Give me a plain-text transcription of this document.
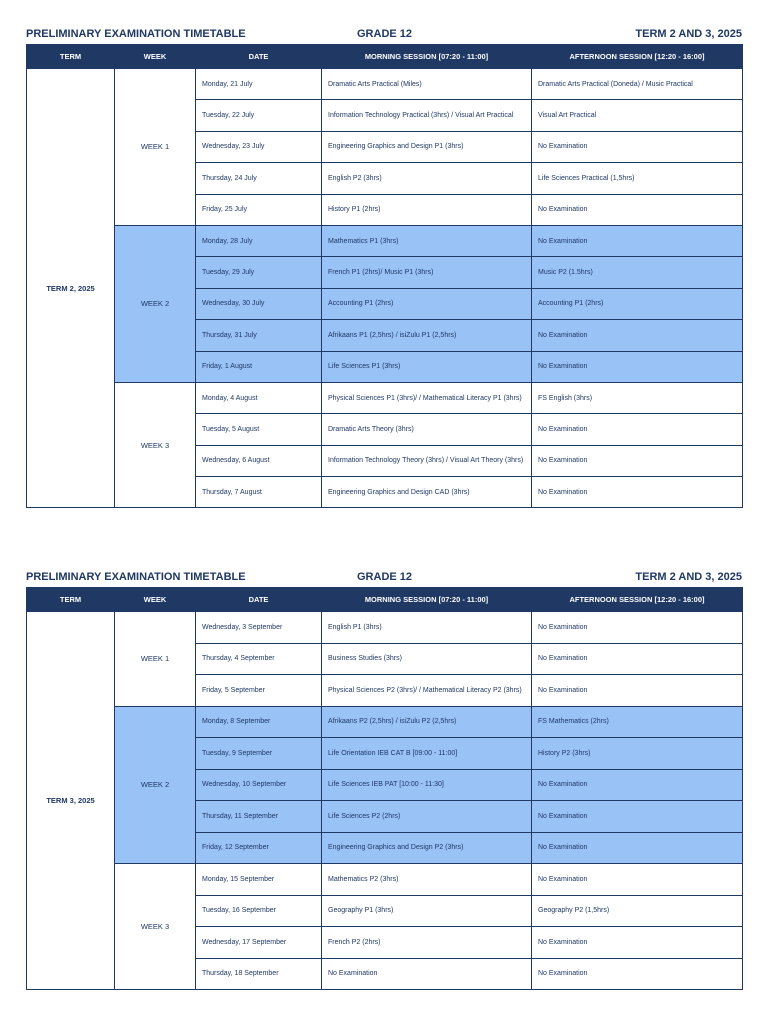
PRELIMINARY EXAMINATION TIMETABLE	GRADE 12	TERM 2 AND 3, 2025
TERM	WEEK	DATE	MORNING SESSION [07:20 - 11:00]	AFTERNOON SESSION [12:20 - 16:00]
TERM 2, 2025	WEEK 1	Monday, 21 July	Dramatic Arts Practical (Miles)	Dramatic Arts Practical (Doneda) / Music Practical
		Tuesday, 22 July	Information Technology Practical (3hrs) / Visual Art Practical	Visual Art Practical
		Wednesday, 23 July	Engineering Graphics and Design P1 (3hrs)	No Examination
		Thursday, 24 July	English P2 (3hrs)	Life Sciences Practical (1,5hrs)
		Friday, 25 July	History P1 (2hrs)	No Examination
	WEEK 2	Monday, 28 July	Mathematics P1 (3hrs)	No Examination
		Tuesday, 29 July	French P1 (2hrs)/ Music P1 (3hrs)	Music P2 (1.5hrs)
		Wednesday, 30 July	Accounting P1 (2hrs)	Accounting P1 (2hrs)
		Thursday, 31 July	Afrikaans P1 (2,5hrs) / isiZulu P1 (2,5hrs)	No Examination
		Friday, 1 August	Life Sciences P1 (3hrs)	No Examination
	WEEK 3	Monday, 4 August	Physical Sciences P1 (3hrs)/ / Mathematical Literacy P1 (3hrs)	FS English (3hrs)
		Tuesday, 5 August	Dramatic Arts Theory (3hrs)	No Examination
		Wednesday, 6 August	Information Technology Theory (3hrs) / Visual Art Theory (3hrs)	No Examination
		Thursday, 7 August	Engineering Graphics and Design CAD (3hrs)	No Examination
PRELIMINARY EXAMINATION TIMETABLE	GRADE 12	TERM 2 AND 3, 2025
TERM	WEEK	DATE	MORNING SESSION [07:20 - 11:00]	AFTERNOON SESSION [12:20 - 16:00]
TERM 3, 2025	WEEK 1	Wednesday, 3 September	English P1 (3hrs)	No Examination
		Thursday, 4 September	Business Studies (3hrs)	No Examination
		Friday, 5 September	Physical Sciences P2 (3hrs)/ / Mathematical Literacy P2 (3hrs)	No Examination
	WEEK 2	Monday, 8 September	Afrikaans P2 (2,5hrs) / isiZulu P2 (2,5hrs)	FS Mathematics (2hrs)
		Tuesday, 9 September	Life Orientation IEB CAT B [09:00 - 11:00]	History P2 (3hrs)
		Wednesday, 10 September	Life Sciences IEB PAT [10:00 - 11:30]	No Examination
		Thursday, 11 September	Life Sciences P2 (2hrs)	No Examination
		Friday, 12 September	Engineering Graphics and Design P2 (3hrs)	No Examination
	WEEK 3	Monday, 15 September	Mathematics P2 (3hrs)	No Examination
		Tuesday, 16 September	Geography P1 (3hrs)	Geography P2 (1,5hrs)
		Wednesday, 17 September	French P2 (2hrs)	No Examination
		Thursday, 18 September	No Examination	No Examination
